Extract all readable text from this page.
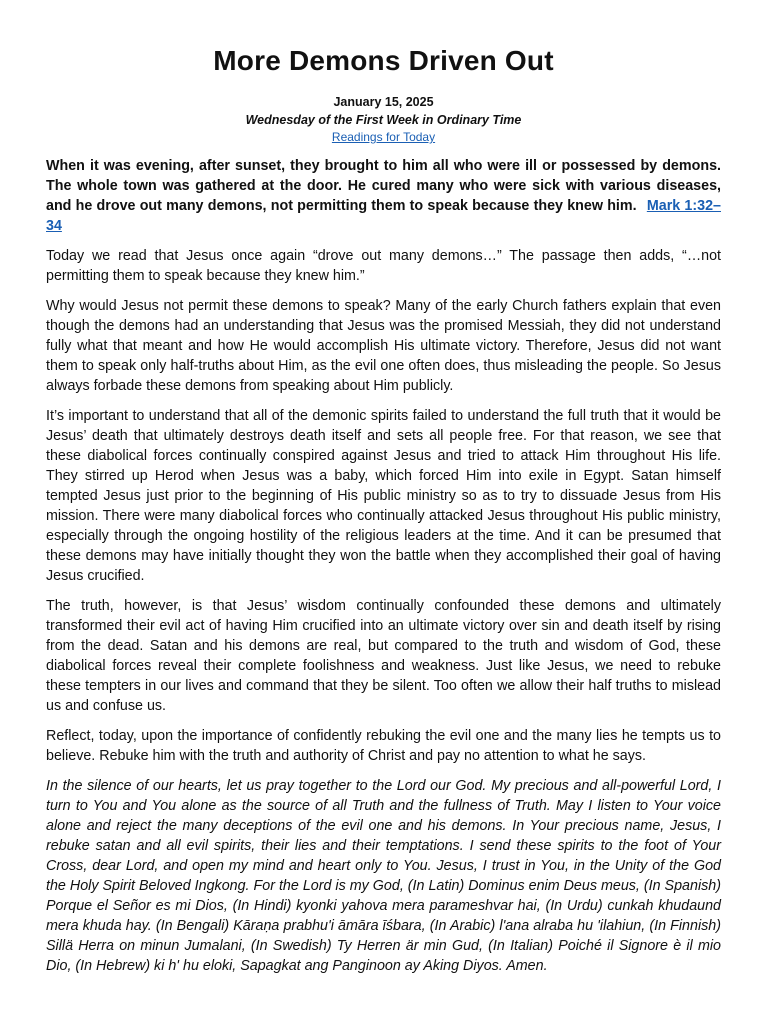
More Demons Driven Out
January 15, 2025
Wednesday of the First Week in Ordinary Time
Readings for Today

When it was evening, after sunset, they brought to him all who were ill or possessed by demons. The whole town was gathered at the door. He cured many who were sick with various diseases, and he drove out many demons, not permitting them to speak because they knew him. Mark 1:32–34

Today we read that Jesus once again “drove out many demons…” The passage then adds, “…not permitting them to speak because they knew him.”

Why would Jesus not permit these demons to speak? Many of the early Church fathers explain that even though the demons had an understanding that Jesus was the promised Messiah, they did not understand fully what that meant and how He would accomplish His ultimate victory. Therefore, Jesus did not want them to speak only half-truths about Him, as the evil one often does, thus misleading the people. So Jesus always forbade these demons from speaking about Him publicly.

It’s important to understand that all of the demonic spirits failed to understand the full truth that it would be Jesus’ death that ultimately destroys death itself and sets all people free. For that reason, we see that these diabolical forces continually conspired against Jesus and tried to attack Him throughout His life. They stirred up Herod when Jesus was a baby, which forced Him into exile in Egypt. Satan himself tempted Jesus just prior to the beginning of His public ministry so as to try to dissuade Jesus from His mission. There were many diabolical forces who continually attacked Jesus throughout His public ministry, especially through the ongoing hostility of the religious leaders at the time. And it can be presumed that these demons may have initially thought they won the battle when they accomplished their goal of having Jesus crucified.

The truth, however, is that Jesus’ wisdom continually confounded these demons and ultimately transformed their evil act of having Him crucified into an ultimate victory over sin and death itself by rising from the dead. Satan and his demons are real, but compared to the truth and wisdom of God, these diabolical forces reveal their complete foolishness and weakness. Just like Jesus, we need to rebuke these tempters in our lives and command that they be silent. Too often we allow their half truths to mislead us and confuse us.

Reflect, today, upon the importance of confidently rebuking the evil one and the many lies he tempts us to believe. Rebuke him with the truth and authority of Christ and pay no attention to what he says.

In the silence of our hearts, let us pray together to the Lord our God. My precious and all-powerful Lord, I turn to You and You alone as the source of all Truth and the fullness of Truth. May I listen to Your voice alone and reject the many deceptions of the evil one and his demons. In Your precious name, Jesus, I rebuke satan and all evil spirits, their lies and their temptations. I send these spirits to the foot of Your Cross, dear Lord, and open my mind and heart only to You. Jesus, I trust in You, in the Unity of the God the Holy Spirit Beloved Ingkong. For the Lord is my God, (In Latin) Dominus enim Deus meus, (In Spanish) Porque el Señor es mi Dios, (In Hindi) kyonki yahova mera parameshvar hai, (In Urdu) cunkah khudaund mera khuda hay. (In Bengali) Kāraṇa prabhu'i āmāra īśbara, (In Arabic) l'ana alraba hu 'ilahiun, (In Finnish) Sillä Herra on minun Jumalani, (In Swedish) Ty Herren är min Gud, (In Italian) Poiché il Signore è il mio Dio, (In Hebrew) ki h' hu eloki, Sapagkat ang Panginoon ay Aking Diyos. Amen.
